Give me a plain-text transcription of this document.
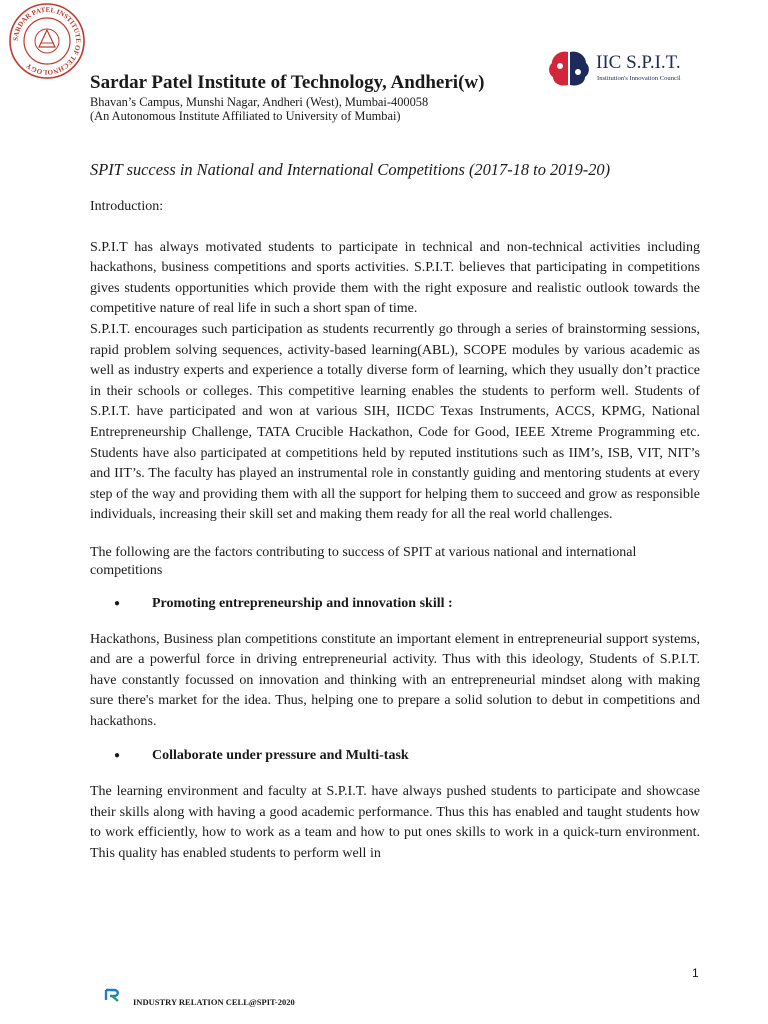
SARDAR PATEL INSTITUTE OF TECHNOLOGY
Sardar Patel Institute of Technology, Andheri(w)
Bhavan’s Campus, Munshi Nagar, Andheri (West), Mumbai-400058
(An Autonomous Institute Affiliated to University of Mumbai)
IIC S.P.I.T.
Institution's Innovation Council
SPIT success in National and International Competitions (2017-18 to 2019-20)

Introduction:

S.P.I.T has always motivated students to participate in technical and non-technical activities including hackathons, business competitions and sports activities. S.P.I.T. believes that participating in competitions gives students opportunities which provide them with the right exposure and realistic outlook towards the competitive nature of real life in such a short span of time.

S.P.I.T. encourages such participation as students recurrently go through a series of brainstorming sessions, rapid problem solving sequences, activity-based learning(ABL), SCOPE modules by various academic as well as industry experts and experience a totally diverse form of learning, which they usually don’t practice in their schools or colleges. This competitive learning enables the students to perform well. Students of S.P.I.T. have participated and won at various SIH, IICDC Texas Instruments, ACCS, KPMG, National Entrepreneurship Challenge, TATA Crucible Hackathon, Code for Good, IEEE Xtreme Programming etc. Students have also participated at competitions held by reputed institutions such as IIM’s, ISB, VIT, NIT’s and IIT’s. The faculty has played an instrumental role in constantly guiding and mentoring students at every step of the way and providing them with all the support for helping them to succeed and grow as responsible individuals, increasing their skill set and making them ready for all the real world challenges.

The following are the factors contributing to success of SPIT at various national and international competitions

●	Promoting entrepreneurship and innovation skill :

Hackathons, Business plan competitions constitute an important element in entrepreneurial support systems, and are a powerful force in driving entrepreneurial activity. Thus with this ideology, Students of S.P.I.T. have constantly focussed on innovation and thinking with an entrepreneurial mindset along with making sure there's market for the idea. Thus, helping one to prepare a solid solution to debut in competitions and hackathons.

●	Collaborate under pressure and Multi-task

The learning environment and faculty at S.P.I.T. have always pushed students to participate and showcase their skills along with having a good academic performance. Thus this has enabled and taught students how to work efficiently, how to work as a team and how to put ones skills to work in a quick-turn environment. This quality has enabled students to perform well in

1
INDUSTRY RELATION CELL@SPIT-2020
